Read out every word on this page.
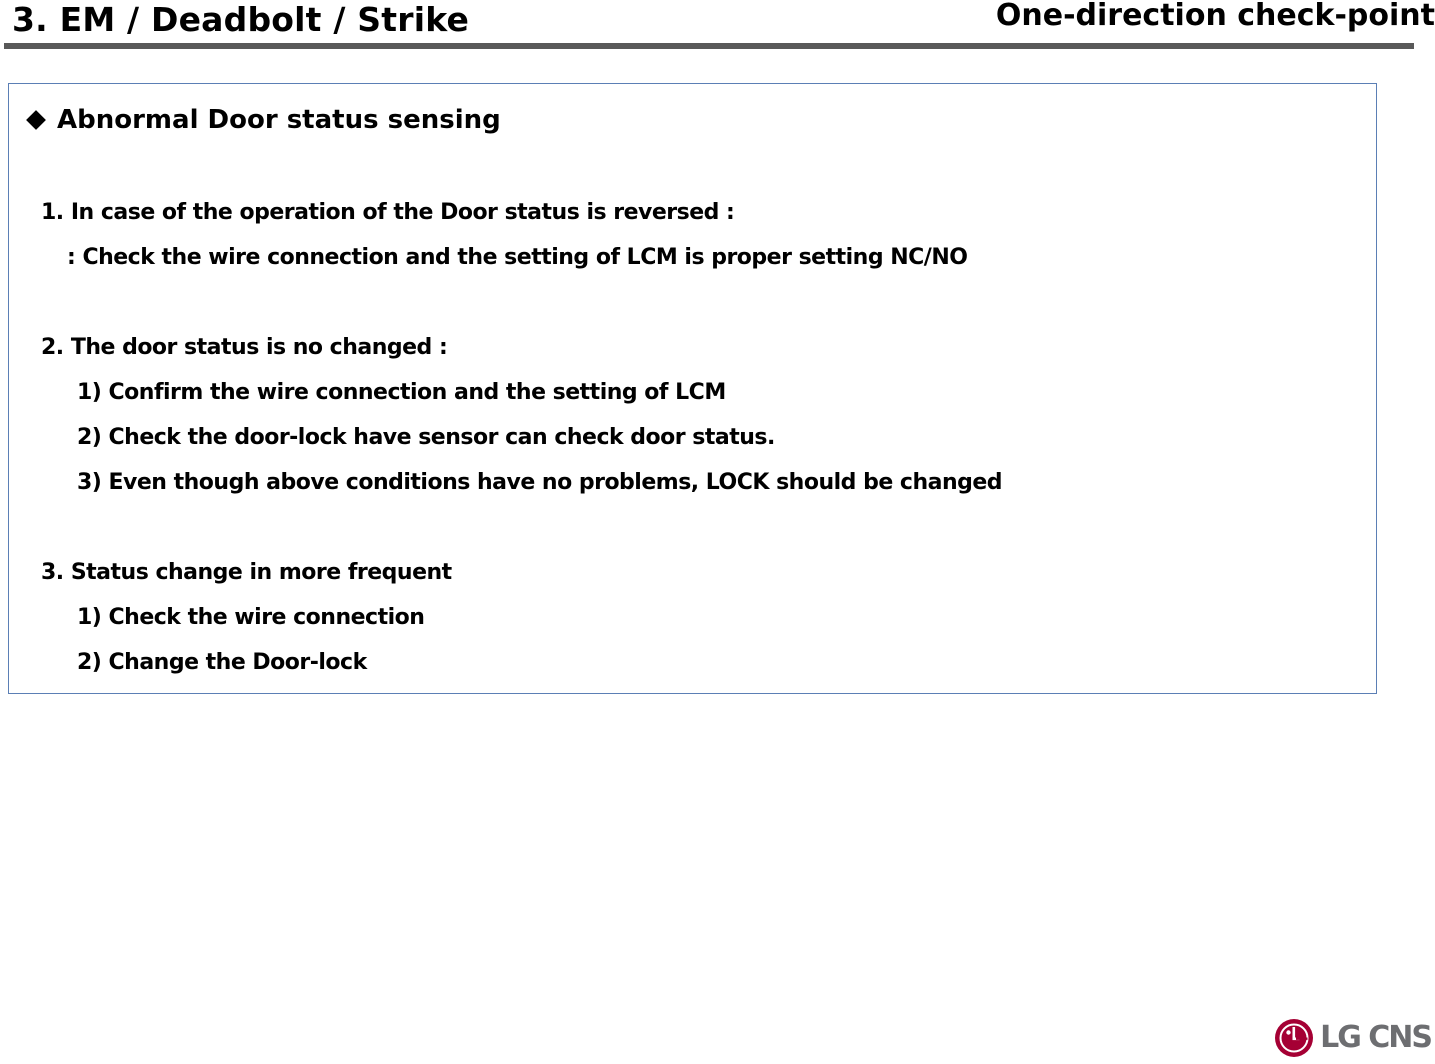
3. EM / Deadbolt / Strike	One-direction check-point
Abnormal Door status sensing
1. In case of the operation of the Door status is reversed :
: Check the wire connection and the setting of LCM is proper setting NC/NO
2. The door status is no changed :
1) Confirm the wire connection and the setting of LCM
2) Check the door-lock have sensor can check door status.
3) Even though above conditions have no problems, LOCK should be changed
3. Status change in more frequent
1) Check the wire connection
2) Change the Door-lock
LG CNS
